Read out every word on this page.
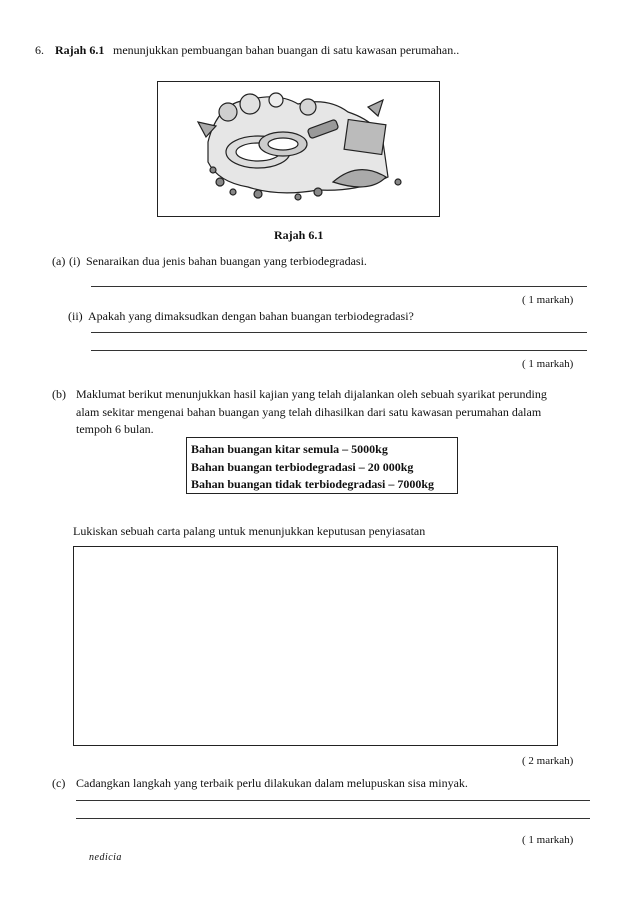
6. Rajah 6.1 menunjukkan pembuangan bahan buangan di satu kawasan perumahan..
Rajah 6.1
(a) (i) Senaraikan dua jenis bahan buangan yang terbiodegradasi.
( 1 markah)
(ii) Apakah yang dimaksudkan dengan bahan buangan terbiodegradasi?
( 1 markah)
(b) Maklumat berikut menunjukkan hasil kajian yang telah dijalankan oleh sebuah syarikat perunding
alam sekitar mengenai bahan buangan yang telah dihasilkan dari satu kawasan perumahan dalam
tempoh 6 bulan.
Bahan buangan kitar semula – 5000kg
Bahan buangan terbiodegradasi – 20 000kg
Bahan buangan tidak terbiodegradasi – 7000kg
Lukiskan sebuah carta palang untuk menunjukkan keputusan penyiasatan
( 2 markah)
(c) Cadangkan langkah yang terbaik perlu dilakukan dalam melupuskan sisa minyak.
( 1 markah)
nedicia
